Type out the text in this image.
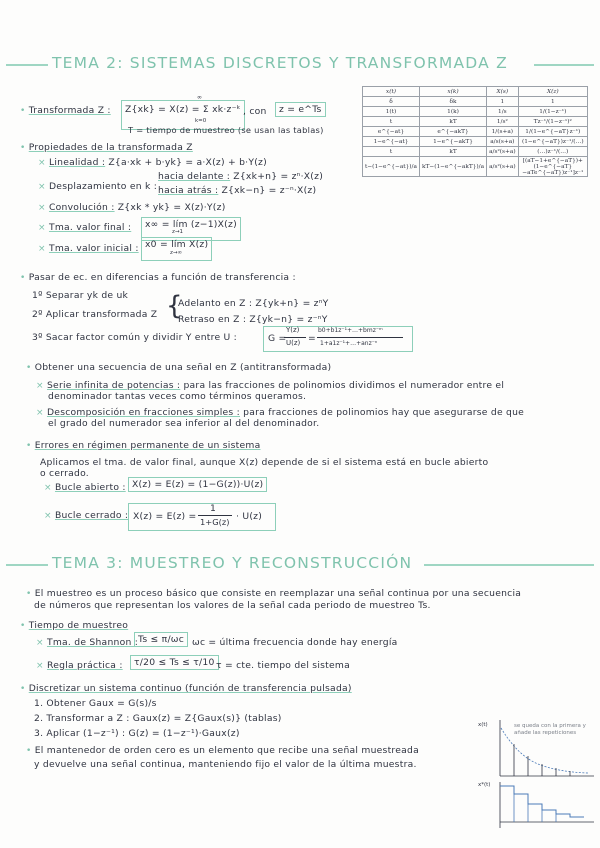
TEMA 2: SISTEMAS DISCRETOS Y TRANSFORMADA Z
x(t)	x(k)	X(s)	X(z)
δ	δk	1	1
1(t)	1(k)	1/s	1/(1−z⁻¹)
t	kT	1/s²	Tz⁻¹/(1−z⁻¹)²
e^{−at}	e^{−akT}	1/(s+a)	1/(1−e^{−aT}z⁻¹)
1−e^{−at}	1−e^{−akT}	a/s(s+a)	(1−e^{−aT})z⁻¹/(…)
t	kT	a/s²(s+a)	(…)z⁻¹/(…)
t−(1−e^{−at})/a	kT−(1−e^{−akT})/a	a/s²(s+a)	[(aT−1+e^{−aT})+(1−e^{−aT}−aTe^{−aT})z⁻¹]z⁻¹
• Transformada Z :	Z{xk} = X(z) = Σ xk·z⁻ᵏ
∞
k=0
, con	z = e^Ts
T = tiempo de muestreo (se usan las tablas)
• Propiedades de la transformada Z
× Linealidad : Z{a·xk + b·yk} = a·X(z) + b·Y(z)
× Desplazamiento en k :
hacia delante : Z{xk+n} = zⁿ·X(z)
hacia atrás : Z{xk−n} = z⁻ⁿ·X(z)
× Convolución : Z{xk * yk} = X(z)·Y(z)
× Tma. valor final :	x∞ = lím (z−1)X(z)
z→1
× Tma. valor inicial : x0 = lím X(z)
z→∞
• Pasar de ec. en diferencias a función de transferencia :
1º Separar yk de uk
2º Aplicar transformada Z {
Adelanto en Z : Z{yk+n} = zⁿY
Retraso en Z : Z{yk−n} = z⁻ⁿY
3º Sacar factor común y dividir Y entre U :	G =
Y(z)
U(z) =
b0+b1z⁻¹+…+bmz⁻ᵐ
1+a1z⁻¹+…+anz⁻ⁿ
• Obtener una secuencia de una señal en Z (antitransformada)
× Serie infinita de potencias : para las fracciones de polinomios dividimos el numerador entre el
denominador tantas veces como términos queramos.
× Descomposición en fracciones simples : para fracciones de polinomios hay que asegurarse de que
el grado del numerador sea inferior al del denominador.
• Errores en régimen permanente de un sistema
Aplicamos el tma. de valor final, aunque X(z) depende de si el sistema está en bucle abierto
o cerrado.
× Bucle abierto : X(z) = E(z) = (1−G(z))·U(z)
× Bucle cerrado : X(z) = E(z) =
1
1+G(z) · U(z)
TEMA 3: MUESTREO Y RECONSTRUCCIÓN
• El muestreo es un proceso básico que consiste en reemplazar una señal continua por una secuencia
de números que representan los valores de la señal cada periodo de muestreo Ts.
• Tiempo de muestreo
× Tma. de Shannon : Ts ≤ π/ωc ωc = última frecuencia donde hay energía
× Regla práctica :	τ/20 ≤ Ts ≤ τ/10 τ = cte. tiempo del sistema
• Discretizar un sistema continuo (función de transferencia pulsada)
1. Obtener Gaux = G(s)/s
2. Transformar a Z : Gaux(z) = Z{Gaux(s)} (tablas)
3. Aplicar (1−z⁻¹) : G(z) = (1−z⁻¹)·Gaux(z)
• El mantenedor de orden cero es un elemento que recibe una señal muestreada
y devuelve una señal continua, manteniendo fijo el valor de la última muestra.
x(t)
x*(t)
se queda con la primera y añade las repeticiones
